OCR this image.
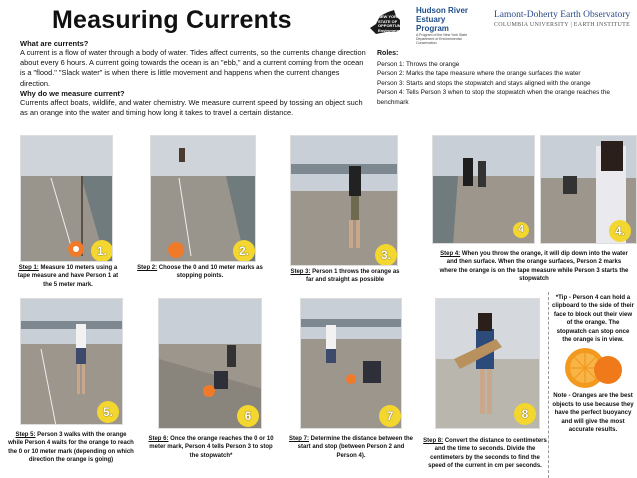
Measuring Currents	NEW YORK
STATE OF OPPORTUNITY
Environmental Conservation
Hudson River
Estuary Program
A Program of the New York State Department of Environmental Conservation
Lamont-Doherty Earth Observatory
COLUMBIA UNIVERSITY | EARTH INSTITUTE
What are currents?
A current is a flow of water through a body of water. Tides affect currents, so the currents change direction about every 6 hours. A current going towards the ocean is an "ebb," and a current coming from the ocean is a "flood." "Slack water" is when there is little movement and happens when the current changes direction.
Why do we measure current?
Currents affect boats, wildlife, and water chemistry. We measure current speed by tossing an object such as an orange into the water and timing how long it takes to travel a certain distance.
Roles:
Person 1: Throws the orange
Person 2: Marks the tape measure where the orange surfaces the water
Person 3: Starts and stops the stopwatch and stays aligned with the orange
Person 4: Tells Person 3 when to stop the stopwatch when the orange reaches the benchmark
1.	2.	3.
4	4.
Step 1: Measure 10 meters using a tape measure and have Person 1 at the 5 meter mark.
Step 2: Choose the 0 and 10 meter marks as stopping points.
Step 3: Person 1 throws the orange as far and straight as possible
Step 4: When you throw the orange, it will dip down into the water and then surface. When the orange surfaces, Person 2 marks where the orange is on the tape measure while Person 3 starts the stopwatch
5.	6	7	8
Step 5: Person 3 walks with the orange while Person 4 waits for the orange to reach the 0 or 10 meter mark (depending on which direction the orange is going)
Step 6: Once the orange reaches the 0 or 10 meter mark, Person 4 tells Person 3 to stop the stopwatch*
Step 7: Determine the distance between the start and stop (between Person 2 and Person 4).
Step 8: Convert the distance to centimeters and the time to seconds. Divide the centimeters by the seconds to find the speed of the current in cm per seconds.
*Tip - Person 4 can hold a clipboard to the side of their face to block out their view of the orange. The stopwatch can stop once the orange is in view.
Note - Oranges are the best objects to use because they have the perfect buoyancy and will give the most accurate results.
